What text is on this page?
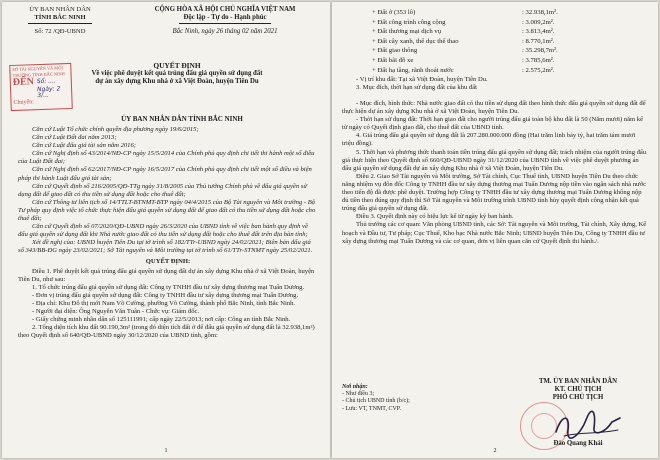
ỦY BAN NHÂN DÂN
TỈNH BẮC NINH
Số: 72 /QĐ-UBND
CỘNG HÒA XÃ HỘI CHỦ NGHĨA VIỆT NAM
Độc lập - Tự do - Hạnh phúc
Bắc Ninh, ngày 26 tháng 02 năm 2021
QUYẾT ĐỊNH
Về việc phê duyệt kết quả trúng đấu giá quyền sử dụng đất
dự án xây dựng Khu nhà ở xã Việt Đoàn, huyện Tiên Du
SỞ TÀI NGUYÊN VÀ MÔI TRƯỜNG TỈNH BẮC NINH
ĐẾN Số: ....
Ngày: 2 3/...
Chuyển:
ỦY BAN NHÂN DÂN TỈNH BẮC NINH

Căn cứ Luật Tổ chức chính quyền địa phương ngày 19/6/2015;

Căn cứ Luật Đất đai năm 2013;

Căn cứ Luật đấu giá tài sản năm 2016;

Căn cứ Nghị định số 43/2014/NĐ-CP ngày 15/5/2014 của Chính phủ quy định chi tiết thi hành một số điều của Luật Đất đai;

Căn cứ Nghị định số 62/2017/NĐ-CP ngày 16/5/2017 của Chính phủ quy định chi tiết một số điều và biện pháp thi hành Luật đấu giá tài sản;

Căn cứ Quyết định số 216/2005/QĐ-TTg ngày 31/8/2005 của Thủ tướng Chính phủ về đấu giá quyền sử dụng đất để giao đất có thu tiền sử dụng đất hoặc cho thuê đất;

Căn cứ Thông tư liên tịch số 14/TTLT-BTNMT-BTP ngày 04/4/2015 của Bộ Tài nguyên và Môi trường - Bộ Tư pháp quy định việc tổ chức thực hiện đấu giá quyền sử dụng đất để giao đất có thu tiền sử dụng đất hoặc cho thuê đất;

Căn cứ Quyết định số 07/2020/QĐ-UBND ngày 26/3/2020 của UBND tỉnh về việc ban hành quy định về đấu giá quyền sử dụng đất khi Nhà nước giao đất có thu tiền sử dụng đất hoặc cho thuê đất trên địa bàn tỉnh;

Xét đề nghị của: UBND huyện Tiên Du tại tờ trình số 182/TTr-UBND ngày 24/02/2021; Biên bản đấu giá số 343/BB-ĐG ngày 23/02/2021; Sở Tài nguyên và Môi trường tại tờ trình số 61/TTr-STNMT ngày 25/02/2021.

QUYẾT ĐỊNH:

Điều 1. Phê duyệt kết quả trúng đấu giá quyền sử dụng đất dự án xây dựng Khu nhà ở xã Việt Đoàn, huyện Tiên Du, như sau:

1. Tổ chức trúng đấu giá quyền sử dụng đất: Công ty TNHH đầu tư xây dựng thương mại Tuấn Dương.

- Đơn vị trúng đấu giá quyền sử dụng đất: Công ty TNHH đầu tư xây dựng thương mại Tuấn Dương.

- Địa chỉ: Khu Đô thị mới Nam Võ Cường, phường Võ Cường, thành phố Bắc Ninh, tỉnh Bắc Ninh.

- Người đại diện: Ông Nguyễn Văn Tuân - Chức vụ: Giám đốc.

- Giấy chứng minh nhân dân số 125111991; cấp ngày 22/5/2013; nơi cấp: Công an tỉnh Bắc Ninh.

2. Tổng diện tích khu đất 90.190,3m² (trong đó diện tích đất ở để đấu giá quyền sử dụng đất là 32.938,1m²) theo Quyết định số 640/QĐ-UBND ngày 30/12/2020 của UBND tỉnh, gồm:

1
+ Đất ở (353 lô)	: 32.938,1m².
+ Đất công trình công cộng	: 3.009,2m².
+ Đất thương mại dịch vụ	: 3.813,4m².
+ Đất cây xanh, thể dục thể thao	: 8.770,1m².
+ Đất giao thông	: 35.298,7m².
+ Đất bãi đỗ xe	: 3.785,6m².
+ Đất hạ tầng, rãnh thoát nước	: 2.575,2m².

- Vị trí khu đất: Tại xã Việt Đoàn, huyện Tiên Du.

3. Mục đích, thời hạn sử dụng đất của khu đất

- Mục đích, hình thức: Nhà nước giao đất có thu tiền sử dụng đất theo hình thức đấu giá quyền sử dụng đất để thực hiện dự án xây dựng Khu nhà ở xã Việt Đoàn, huyện Tiên Du.

- Thời hạn sử dụng đất: Thời hạn giao đất cho người trúng đấu giá toàn bộ khu đất là 50 (Năm mươi) năm kể từ ngày có Quyết định giao đất, cho thuê đất của UBND tỉnh.

4. Giá trúng đấu giá quyền sử dụng đất là 207.280.000.000 đồng (Hai trăm linh bảy tỷ, hai trăm tám mươi triệu đồng).

5. Thời hạn và phương thức thanh toán tiền trúng đấu giá quyền sử dụng đất; trách nhiệm của người trúng đấu giá thực hiện theo Quyết định số 660/QĐ-UBND ngày 31/12/2020 của UBND tỉnh về việc phê duyệt phương án đấu giá quyền sử dụng đất dự án xây dựng Khu nhà ở xã Việt Đoàn, huyện Tiên Du.

Điều 2. Giao Sở Tài nguyên và Môi trường, Sở Tài chính, Cục Thuế tỉnh, UBND huyện Tiên Du theo chức năng nhiệm vụ đôn đốc Công ty TNHH đầu tư xây dựng thương mại Tuấn Dương nộp tiền vào ngân sách nhà nước theo tiến độ đã được phê duyệt. Trường hợp Công ty TNHH đầu tư xây dựng thương mại Tuấn Dương không nộp đủ tiền theo đúng quy định thì Sở Tài nguyên và Môi trường trình UBND tỉnh hủy quyết định công nhận kết quả trúng đấu giá quyền sử dụng đất.

Điều 3. Quyết định này có hiệu lực kể từ ngày ký ban hành.

Thủ trưởng các cơ quan: Văn phòng UBND tỉnh, các Sở: Tài nguyên và Môi trường, Tài chính, Xây dựng, Kế hoạch và Đầu tư, Tư pháp; Cục Thuế, Kho bạc Nhà nước Bắc Ninh; UBND huyện Tiên Du, Công ty TNHH đầu tư xây dựng thương mại Tuấn Dương và các cơ quan, đơn vị liên quan căn cứ Quyết định thi hành./.

Nơi nhận:
- Như điều 3;
- Chủ tịch UBND tỉnh (b/c);
- Lưu: VT, TNMT, CVP.
TM. ỦY BAN NHÂN DÂN
KT. CHỦ TỊCH
PHÓ CHỦ TỊCH
Đào Quang Khải
2
